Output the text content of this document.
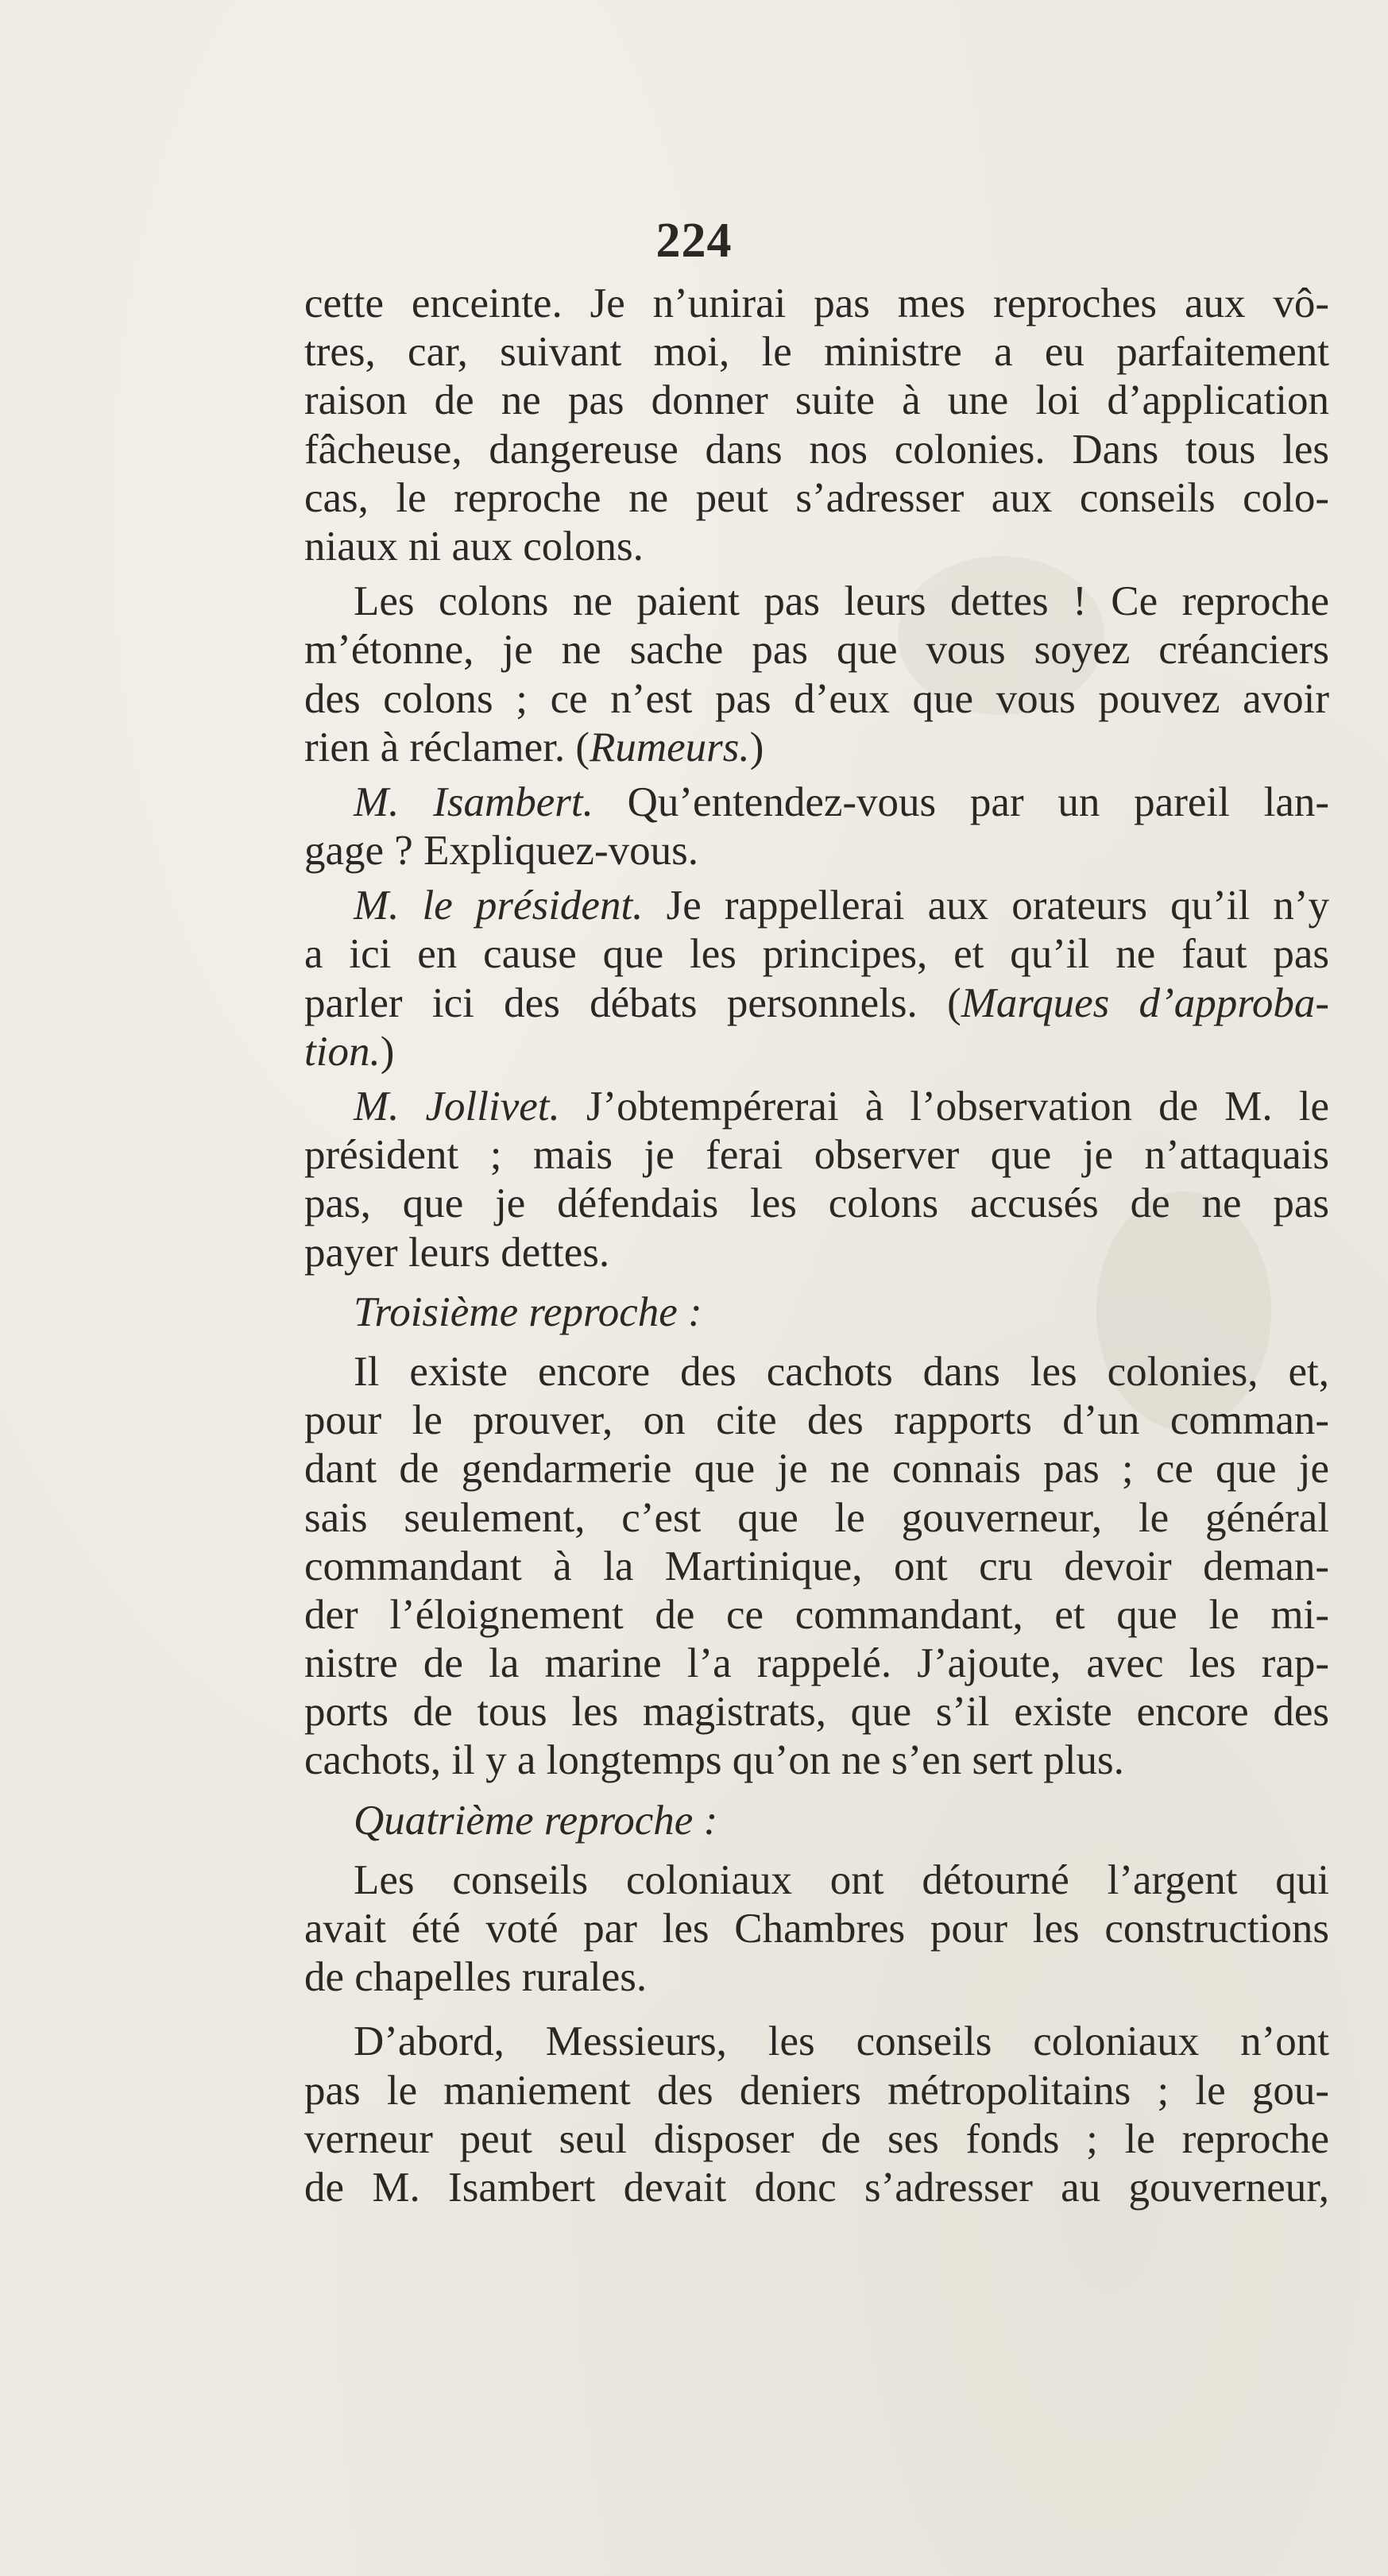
224
cette enceinte. Je n’unirai pas mes reproches aux vô-
tres, car, suivant moi, le ministre a eu parfaitement
raison de ne pas donner suite à une loi d’application
fâcheuse, dangereuse dans nos colonies. Dans tous les
cas, le reproche ne peut s’adresser aux conseils colo-
niaux ni aux colons.
Les colons ne paient pas leurs dettes ! Ce reproche
m’étonne, je ne sache pas que vous soyez créanciers
des colons ; ce n’est pas d’eux que vous pouvez avoir
rien à réclamer. (Rumeurs.)
M. Isambert. Qu’entendez-vous par un pareil lan-
gage ? Expliquez-vous.
M. le président. Je rappellerai aux orateurs qu’il n’y
a ici en cause que les principes, et qu’il ne faut pas
parler ici des débats personnels. (Marques d’approba-
tion.)
M. Jollivet. J’obtempérerai à l’observation de M. le
président ; mais je ferai observer que je n’attaquais
pas, que je défendais les colons accusés de ne pas
payer leurs dettes.
Troisième reproche :
Il existe encore des cachots dans les colonies, et,
pour le prouver, on cite des rapports d’un comman-
dant de gendarmerie que je ne connais pas ; ce que je
sais seulement, c’est que le gouverneur, le général
commandant à la Martinique, ont cru devoir deman-
der l’éloignement de ce commandant, et que le mi-
nistre de la marine l’a rappelé. J’ajoute, avec les rap-
ports de tous les magistrats, que s’il existe encore des
cachots, il y a longtemps qu’on ne s’en sert plus.
Quatrième reproche :
Les conseils coloniaux ont détourné l’argent qui
avait été voté par les Chambres pour les constructions
de chapelles rurales.
D’abord, Messieurs, les conseils coloniaux n’ont
pas le maniement des deniers métropolitains ; le gou-
verneur peut seul disposer de ses fonds ; le reproche
de M. Isambert devait donc s’adresser au gouverneur,
